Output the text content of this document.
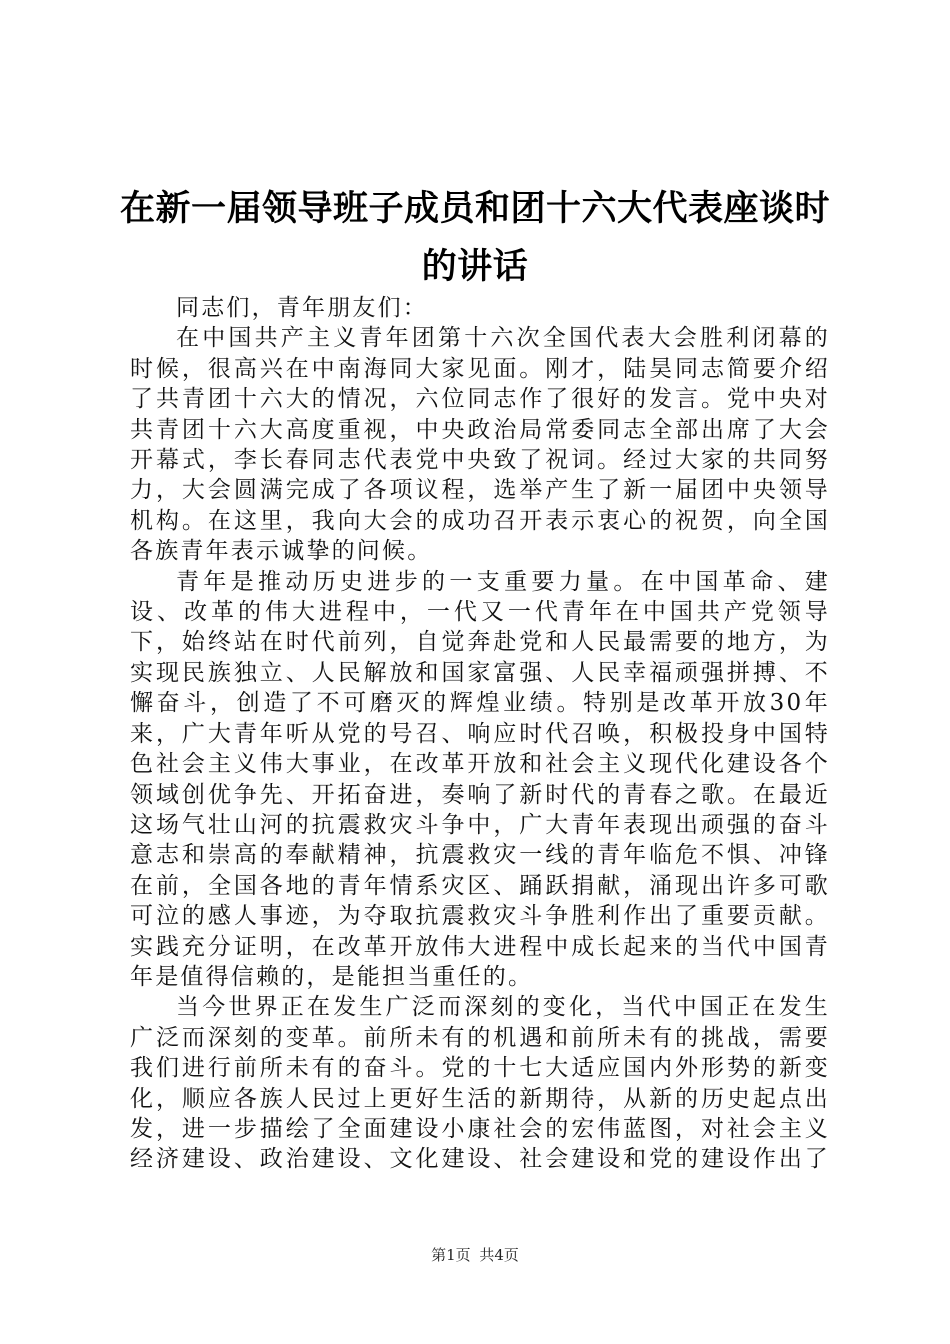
在新一届领导班子成员和团十六大代表座谈时
的讲话

同志们，青年朋友们：

在中国共产主义青年团第十六次全国代表大会胜利闭幕的时候，很高兴在中南海同大家见面。刚才，陆昊同志简要介绍了共青团十六大的情况，六位同志作了很好的发言。党中央对共青团十六大高度重视，中央政治局常委同志全部出席了大会开幕式，李长春同志代表党中央致了祝词。经过大家的共同努力，大会圆满完成了各项议程，选举产生了新一届团中央领导机构。在这里，我向大会的成功召开表示衷心的祝贺，向全国各族青年表示诚挚的问候。

青年是推动历史进步的一支重要力量。在中国革命、建设、改革的伟大进程中，一代又一代青年在中国共产党领导下，始终站在时代前列，自觉奔赴党和人民最需要的地方，为实现民族独立、人民解放和国家富强、人民幸福顽强拼搏、不懈奋斗，创造了不可磨灭的辉煌业绩。特别是改革开放30年来，广大青年听从党的号召、响应时代召唤，积极投身中国特色社会主义伟大事业，在改革开放和社会主义现代化建设各个领域创优争先、开拓奋进，奏响了新时代的青春之歌。在最近这场气壮山河的抗震救灾斗争中，广大青年表现出顽强的奋斗意志和崇高的奉献精神，抗震救灾一线的青年临危不惧、冲锋在前，全国各地的青年情系灾区、踊跃捐献，涌现出许多可歌可泣的感人事迹，为夺取抗震救灾斗争胜利作出了重要贡献。实践充分证明，在改革开放伟大进程中成长起来的当代中国青年是值得信赖的，是能担当重任的。

当今世界正在发生广泛而深刻的变化，当代中国正在发生广泛而深刻的变革。前所未有的机遇和前所未有的挑战，需要我们进行前所未有的奋斗。党的十七大适应国内外形势的新变化，顺应各族人民过上更好生活的新期待，从新的历史起点出发，进一步描绘了全面建设小康社会的宏伟蓝图，对社会主义经济建设、政治建设、文化建设、社会建设和党的建设作出了

第1页 共4页
